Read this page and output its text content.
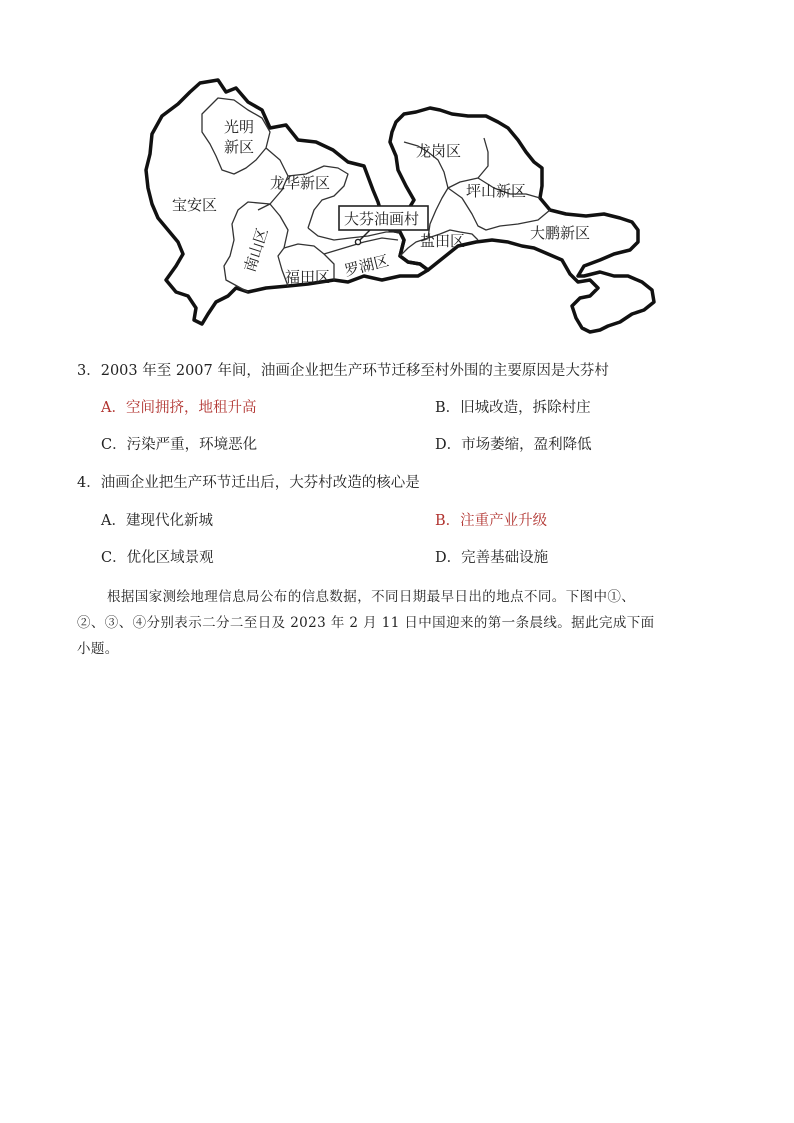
光明
新区
宝安区
龙华新区
南山区
福田区 罗湖区
盐田区
龙岗区
坪山新区
大鹏新区
大芬油画村
3．2003 年至 2007 年间，油画企业把生产环节迁移至村外围的主要原因是大芬村
A．空间拥挤，地租升高	B．旧城改造，拆除村庄
C．污染严重，环境恶化	D．市场萎缩，盈利降低
4．油画企业把生产环节迁出后，大芬村改造的核心是
A．建现代化新城	B．注重产业升级
C．优化区域景观	D．完善基础设施
根据国家测绘地理信息局公布的信息数据，不同日期最早日出的地点不同。下图中①、
②、③、④分别表示二分二至日及 2023 年 2 月 11 日中国迎来的第一条晨线。据此完成下面
小题。
